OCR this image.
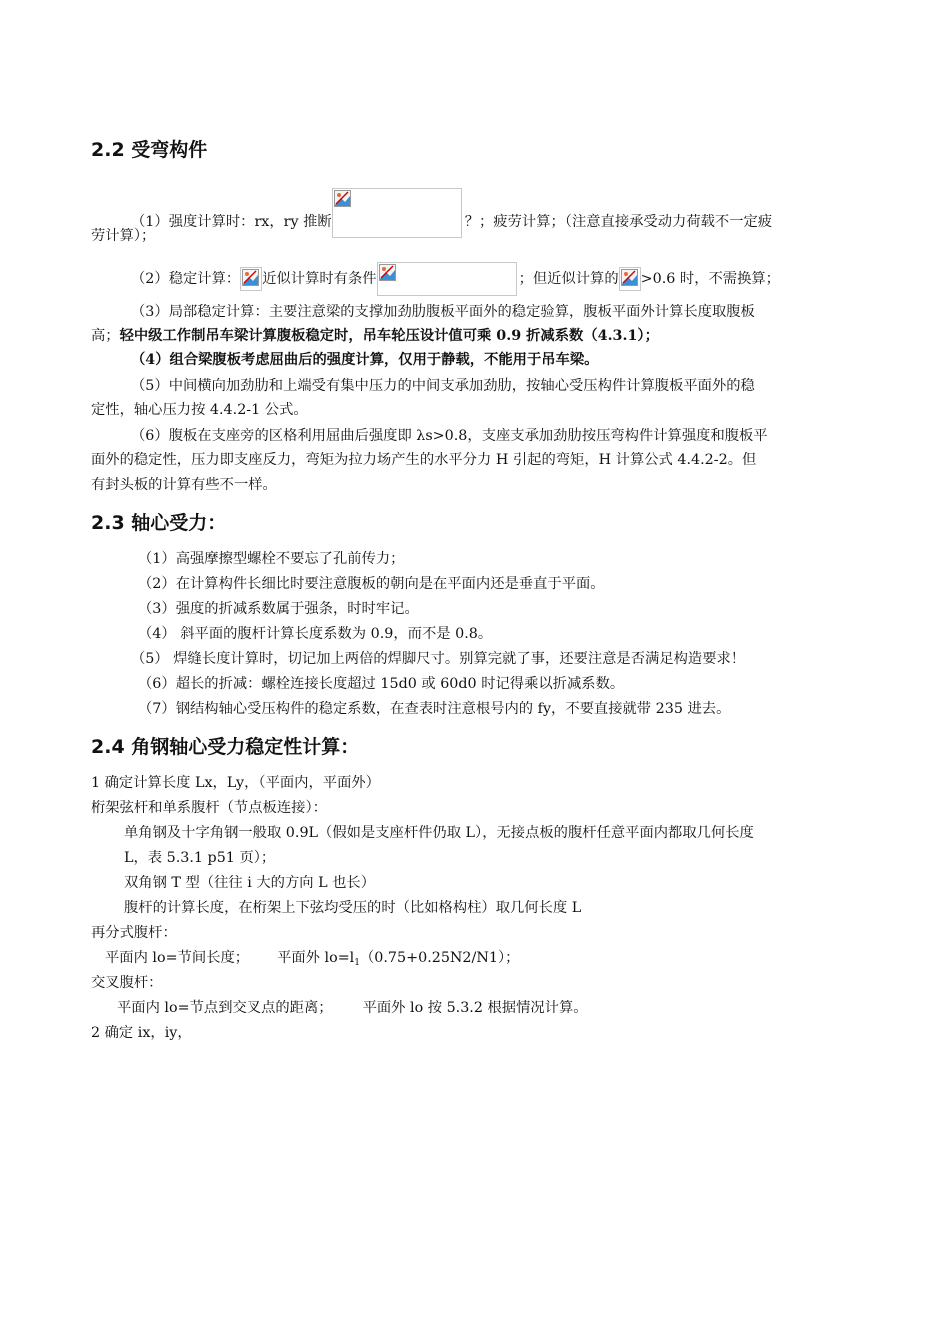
2.2 受弯构件
（1）强度计算时：rx，ry 推断	？；疲劳计算；（注意直接承受动力荷载不一定疲
劳计算）；
（2）稳定计算： 近似计算时有条件	；但近似计算的 >0.6 时，不需换算；
（3）局部稳定计算：主要注意梁的支撑加劲肋腹板平面外的稳定验算，腹板平面外计算长度取腹板
高；轻中级工作制吊车梁计算腹板稳定时，吊车轮压设计值可乘 0.9 折减系数（4.3.1）；
（4）组合梁腹板考虑屈曲后的强度计算，仅用于静载，不能用于吊车梁。
（5）中间横向加劲肋和上端受有集中压力的中间支承加劲肋，按轴心受压构件计算腹板平面外的稳
定性，轴心压力按 4.4.2-1 公式。
（6）腹板在支座旁的区格利用屈曲后强度即 λs>0.8，支座支承加劲肋按压弯构件计算强度和腹板平
面外的稳定性，压力即支座反力，弯矩为拉力场产生的水平分力 H 引起的弯矩，H 计算公式 4.4.2-2。但
有封头板的计算有些不一样。
2.3 轴心受力：
（1）高强摩擦型螺栓不要忘了孔前传力；
（2）在计算构件长细比时要注意腹板的朝向是在平面内还是垂直于平面。
（3）强度的折减系数属于强条，时时牢记。
（4） 斜平面的腹杆计算长度系数为 0.9，而不是 0.8。
（5） 焊缝长度计算时，切记加上两倍的焊脚尺寸。别算完就了事，还要注意是否满足构造要求！
（6）超长的折减：螺栓连接长度超过 15d0 或 60d0 时记得乘以折减系数。
（7）钢结构轴心受压构件的稳定系数，在查表时注意根号内的 fy，不要直接就带 235 进去。
2.4 角钢轴心受力稳定性计算：
1 确定计算长度 Lx，Ly，（平面内，平面外）
桁架弦杆和单系腹杆（节点板连接）：
单角钢及十字角钢一般取 0.9L（假如是支座杆件仍取 L），无接点板的腹杆任意平面内都取几何长度
L，表 5.3.1 p51 页）；
双角钢 T 型（往往 i 大的方向 L 也长）
腹杆的计算长度，在桁架上下弦均受压的时（比如格构柱）取几何长度 L
再分式腹杆：
平面内 lo=节间长度； 平面外 $lo=l_1(0.75+0.25N2/N1)$；
交叉腹杆：
平面内 lo=节点到交叉点的距离； 平面外 lo 按 5.3.2 根据情况计算。
2 确定 ix，iy，
